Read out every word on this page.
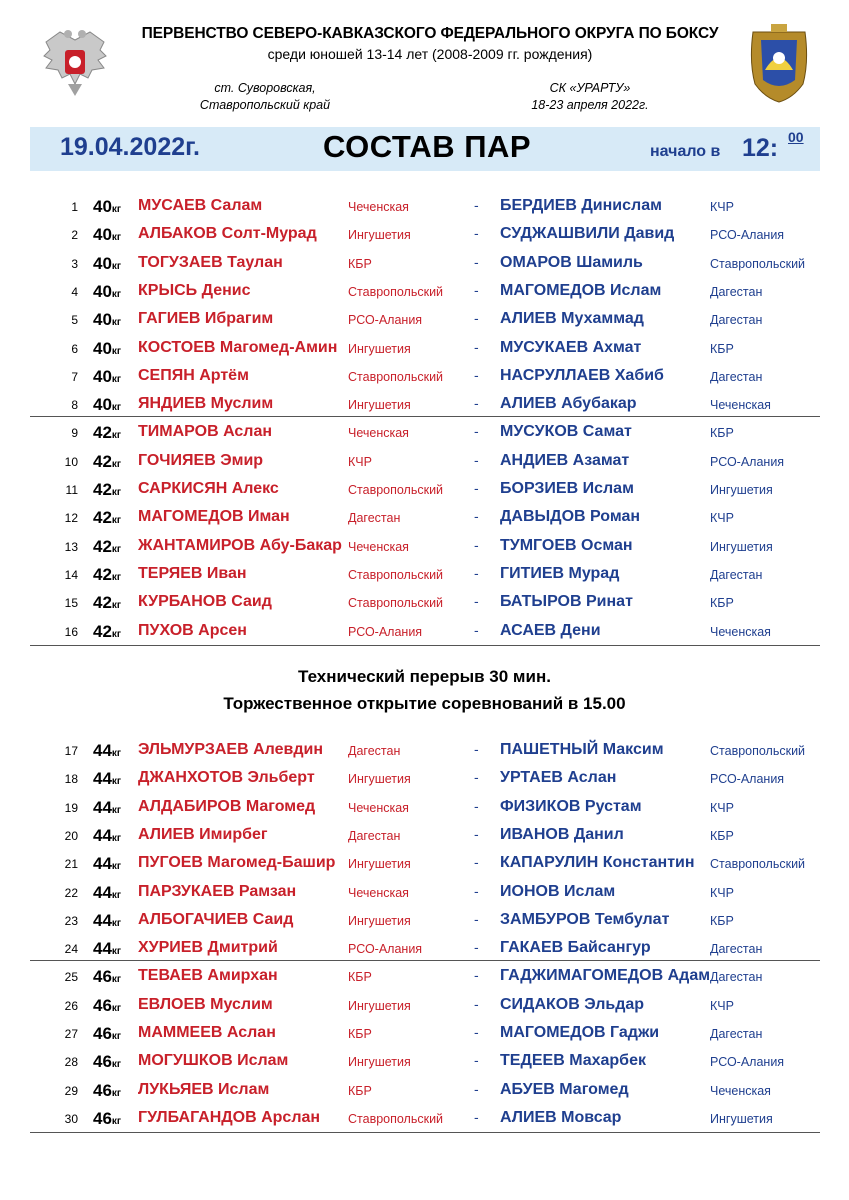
ПЕРВЕНСТВО СЕВЕРО-КАВКАЗСКОГО ФЕДЕРАЛЬНОГО ОКРУГА ПО БОКСУ
среди юношей 13-14 лет (2008-2009 гг. рождения)
ст. Суворовская,
Ставропольский край
СК «УРАРТУ»
18-23 апреля 2022г.
19.04.2022г.	СОСТАВ ПАР	начало в 12: 00
1 40кг МУСАЕВ Салам	Чеченская	- БЕРДИЕВ Динислам	КЧР
2 40кг АЛБАКОВ Солт-Мурад	Ингушетия	- СУДЖАШВИЛИ Давид	РСО-Алания
3 40кг ТОГУЗАЕВ Таулан	КБР	- ОМАРОВ Шамиль	Ставропольский
4 40кг КРЫСЬ Денис	Ставропольский - МАГОМЕДОВ Ислам	Дагестан
5 40кг ГАГИЕВ Ибрагим	РСО-Алания	- АЛИЕВ Мухаммад	Дагестан
6 40кг КОСТОЕВ Магомед-Амин Ингушетия	- МУСУКАЕВ Ахмат	КБР
7 40кг СЕПЯН Артём	Ставропольский - НАСРУЛЛАЕВ Хабиб	Дагестан
8 40кг ЯНДИЕВ Муслим	Ингушетия	- АЛИЕВ Абубакар	Чеченская
9 42кг ТИМАРОВ Аслан	Чеченская	- МУСУКОВ Самат	КБР
10 42кг ГОЧИЯЕВ Эмир	КЧР	- АНДИЕВ Азамат	РСО-Алания
11 42кг САРКИСЯН Алекс	Ставропольский - БОРЗИЕВ Ислам	Ингушетия
12 42кг МАГОМЕДОВ Иман	Дагестан	- ДАВЫДОВ Роман	КЧР
13 42кг ЖАНТАМИРОВ Абу-Бакар Чеченская	- ТУМГОЕВ Осман	Ингушетия
14 42кг ТЕРЯЕВ Иван	Ставропольский - ГИТИЕВ Мурад	Дагестан
15 42кг КУРБАНОВ Саид	Ставропольский - БАТЫРОВ Ринат	КБР
16 42кг ПУХОВ Арсен	РСО-Алания	- АСАЕВ Дени	Чеченская
17 44кг ЭЛЬМУРЗАЕВ Алевдин Дагестан	- ПАШЕТНЫЙ Максим	Ставропольский
18 44кг ДЖАНХОТОВ Эльберт	Ингушетия	- УРТАЕВ Аслан	РСО-Алания
19 44кг АЛДАБИРОВ Магомед	Чеченская	- ФИЗИКОВ Рустам	КЧР
20 44кг АЛИЕВ Имирбег	Дагестан	- ИВАНОВ Данил	КБР
21 44кг ПУГОЕВ Магомед-Башир Ингушетия	- КАПАРУЛИН Константин Ставропольский
22 44кг ПАРЗУКАЕВ Рамзан	Чеченская	- ИОНОВ Ислам	КЧР
23 44кг АЛБОГАЧИЕВ Саид	Ингушетия	- ЗАМБУРОВ Тембулат	КБР
24 44кг ХУРИЕВ Дмитрий	РСО-Алания	- ГАКАЕВ Байсангур	Дагестан
25 46кг ТЕВАЕВ Амирхан	КБР	- ГАДЖИМАГОМЕДОВ Адам Дагестан
26 46кг ЕВЛОЕВ Муслим	Ингушетия	- СИДАКОВ Эльдар	КЧР
27 46кг МАММЕЕВ Аслан	КБР	- МАГОМЕДОВ Гаджи	Дагестан
28 46кг МОГУШКОВ Ислам	Ингушетия	- ТЕДЕЕВ Махарбек	РСО-Алания
29 46кг ЛУКЬЯЕВ Ислам	КБР	- АБУЕВ Магомед	Чеченская
30 46кг ГУЛБАГАНДОВ Арслан Ставропольский - АЛИЕВ Мовсар	Ингушетия
Технический перерыв 30 мин.
Торжественное открытие соревнований в 15.00
